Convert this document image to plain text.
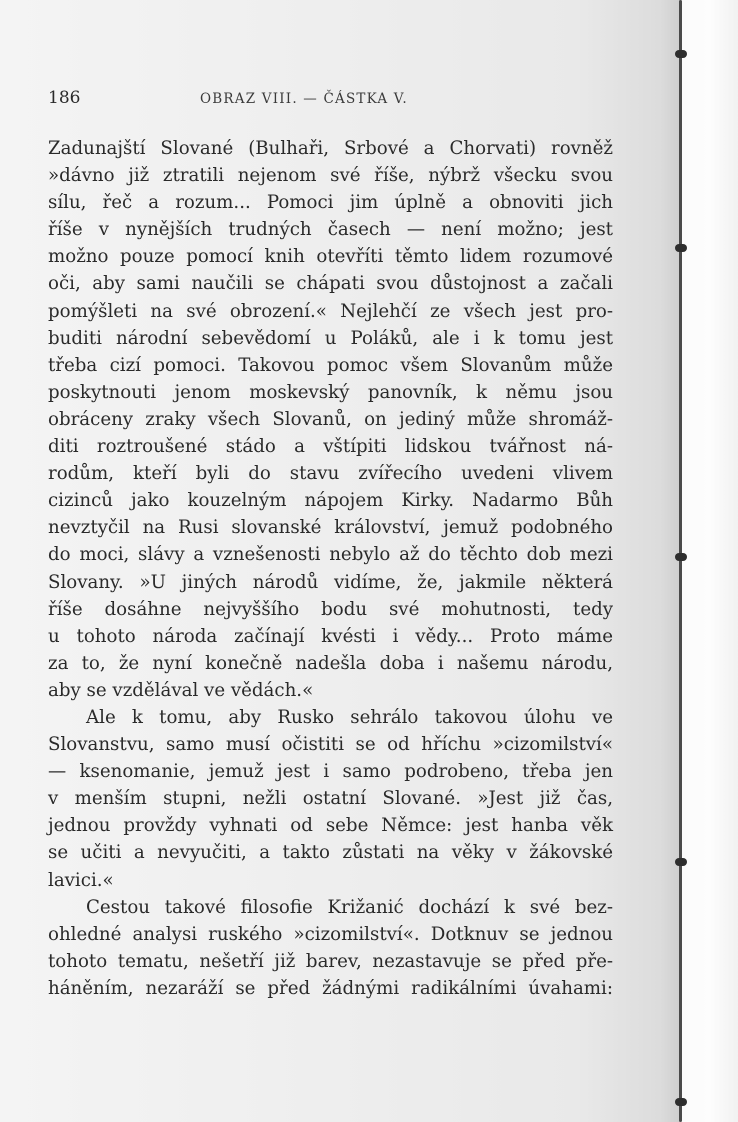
186	OBRAZ VIII. — ČÁSTKA V.
Zadunajští Slované (Bulhaři, Srbové a Chorvati) rovněž
»dávno již ztratili nejenom své říše, nýbrž všecku svou
sílu, řeč a rozum... Pomoci jim úplně a obnoviti jich
říše v nynějších trudných časech — není možno; jest
možno pouze pomocí knih otevříti těmto lidem rozumové
oči, aby sami naučili se chápati svou důstojnost a začali
pomýšleti na své obrození.« Nejlehčí ze všech jest pro-
buditi národní sebevědomí u Poláků, ale i k tomu jest
třeba cizí pomoci. Takovou pomoc všem Slovanům může
poskytnouti jenom moskevský panovník, k němu jsou
obráceny zraky všech Slovanů, on jediný může shromáž-
diti roztroušené stádo a vštípiti lidskou tvářnost ná-
rodům, kteří byli do stavu zvířecího uvedeni vlivem
cizinců jako kouzelným nápojem Kirky. Nadarmo Bůh
nevztyčil na Rusi slovanské království, jemuž podobného
do moci, slávy a vznešenosti nebylo až do těchto dob mezi
Slovany. »U jiných národů vidíme, že, jakmile některá
říše dosáhne nejvyššího bodu své mohutnosti, tedy
u tohoto národa začínají kvésti i vědy... Proto máme
za to, že nyní konečně nadešla doba i našemu národu,
aby se vzdělával ve vědách.«
Ale k tomu, aby Rusko sehrálo takovou úlohu ve
Slovanstvu, samo musí očistiti se od hříchu »cizomilství«
— ksenomanie, jemuž jest i samo podrobeno, třeba jen
v menším stupni, nežli ostatní Slované. »Jest již čas,
jednou provždy vyhnati od sebe Němce: jest hanba věk
se učiti a nevyučiti, a takto zůstati na věky v žákovské
lavici.«
Cestou takové filosofie Križanić dochází k své bez-
ohledné analysi ruského »cizomilství«. Dotknuv se jednou
tohoto tematu, nešetří již barev, nezastavuje se před pře-
háněním, nezaráží se před žádnými radikálními úvahami:
